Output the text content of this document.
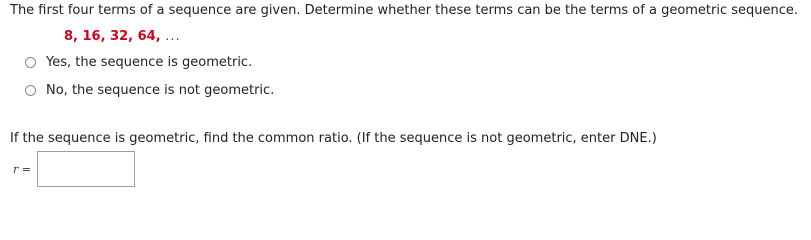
The first four terms of a sequence are given. Determine whether these terms can be the terms of a geometric sequence.
8, 16, 32, 64, ...
Yes, the sequence is geometric.
No, the sequence is not geometric.
If the sequence is geometric, find the common ratio. (If the sequence is not geometric, enter DNE.)
r =
